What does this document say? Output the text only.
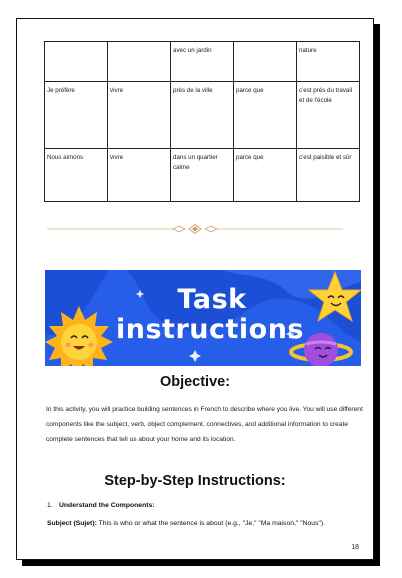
		avec un jardin		nature
Je préfère	vivre	près de la ville	parce que	c'est près du travail et de l'école
Nous aimons	vivre	dans un quartier calme	parce que	c'est paisible et sûr
Task
instructions
Objective:
In this activity, you will practice building sentences in French to describe where you live. You will use different components like the subject, verb, object complement, connectives, and additional information to create complete sentences that tell us about your home and its location.
Step-by-Step Instructions:
1. Understand the Components:
Subject (Sujet): This is who or what the sentence is about (e.g., "Je," "Ma maison," "Nous").
18
